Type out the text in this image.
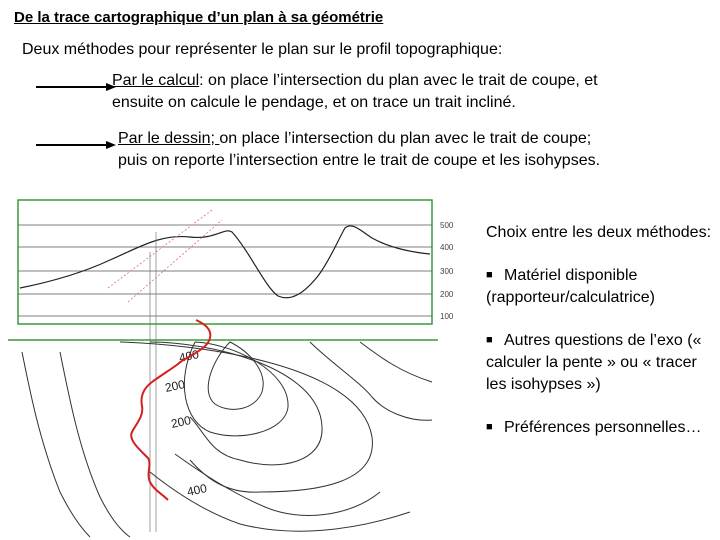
De la trace cartographique d’un plan à sa géométrie
Deux méthodes pour représenter le plan sur le profil topographique:
Par le calcul: on place l’intersection du plan avec le trait de coupe, et
ensuite on calcule le pendage, et on trace un trait incliné.
Par le dessin; on place l’intersection du plan avec le trait de coupe;
puis on reporte l’intersection entre le trait de coupe et les isohypses.
500
400
300
200
100
400
200
200
400

Choix entre les deux méthodes:

■ Matériel disponible (rapporteur/calculatrice)

■ Autres questions de l’exo (« calculer la pente » ou « tracer les isohypses »)

■ Préférences personnelles…
